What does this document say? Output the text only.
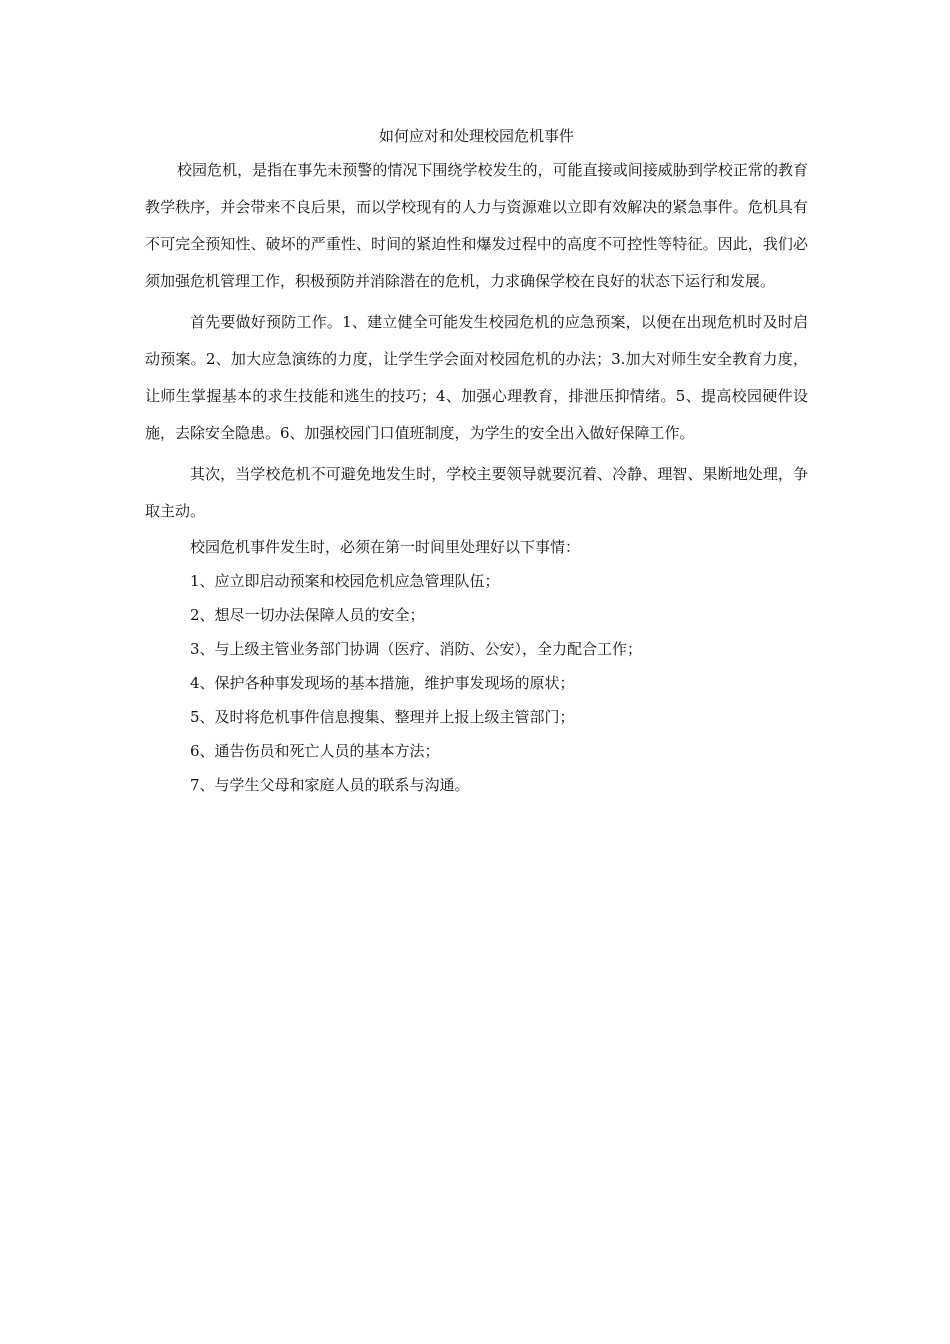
如何应对和处理校园危机事件

校园危机，是指在事先未预警的情况下围绕学校发生的，可能直接或间接威胁到学校正常的教育教学秩序，并会带来不良后果，而以学校现有的人力与资源难以立即有效解决的紧急事件。危机具有不可完全预知性、破坏的严重性、时间的紧迫性和爆发过程中的高度不可控性等特征。因此，我们必须加强危机管理工作，积极预防并消除潜在的危机，力求确保学校在良好的状态下运行和发展。

首先要做好预防工作。1、建立健全可能发生校园危机的应急预案，以便在出现危机时及时启动预案。2、加大应急演练的力度，让学生学会面对校园危机的办法；3.加大对师生安全教育力度，让师生掌握基本的求生技能和逃生的技巧；4、加强心理教育，排泄压抑情绪。5、提高校园硬件设施，去除安全隐患。6、加强校园门口值班制度，为学生的安全出入做好保障工作。

其次，当学校危机不可避免地发生时，学校主要领导就要沉着、冷静、理智、果断地处理，争取主动。

校园危机事件发生时，必须在第一时间里处理好以下事情：

1、应立即启动预案和校园危机应急管理队伍；
2、想尽一切办法保障人员的安全；
3、与上级主管业务部门协调（医疗、消防、公安），全力配合工作；
4、保护各种事发现场的基本措施，维护事发现场的原状；
5、及时将危机事件信息搜集、整理并上报上级主管部门；
6、通告伤员和死亡人员的基本方法；
7、与学生父母和家庭人员的联系与沟通。
